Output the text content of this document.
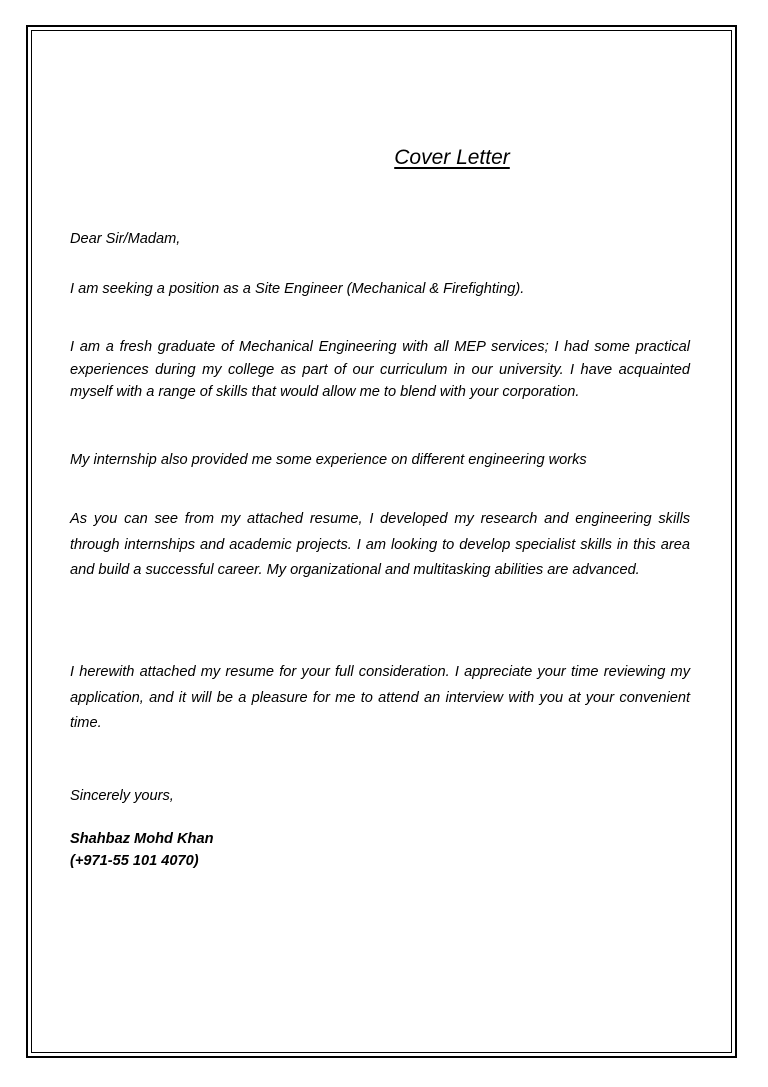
Cover Letter

Dear Sir/Madam,

I am seeking a position as a Site Engineer (Mechanical & Firefighting).

I am a fresh graduate of Mechanical Engineering with all MEP services; I had some practical experiences during my college as part of our curriculum in our university. I have acquainted myself with a range of skills that would allow me to blend with your corporation.

My internship also provided me some experience on different engineering works

As you can see from my attached resume, I developed my research and engineering skills through internships and academic projects. I am looking to develop specialist skills in this area and build a successful career. My organizational and multitasking abilities are advanced.

I herewith attached my resume for your full consideration. I appreciate your time reviewing my application, and it will be a pleasure for me to attend an interview with you at your convenient time.

Sincerely yours,

Shahbaz Mohd Khan
(+971-55 101 4070)
